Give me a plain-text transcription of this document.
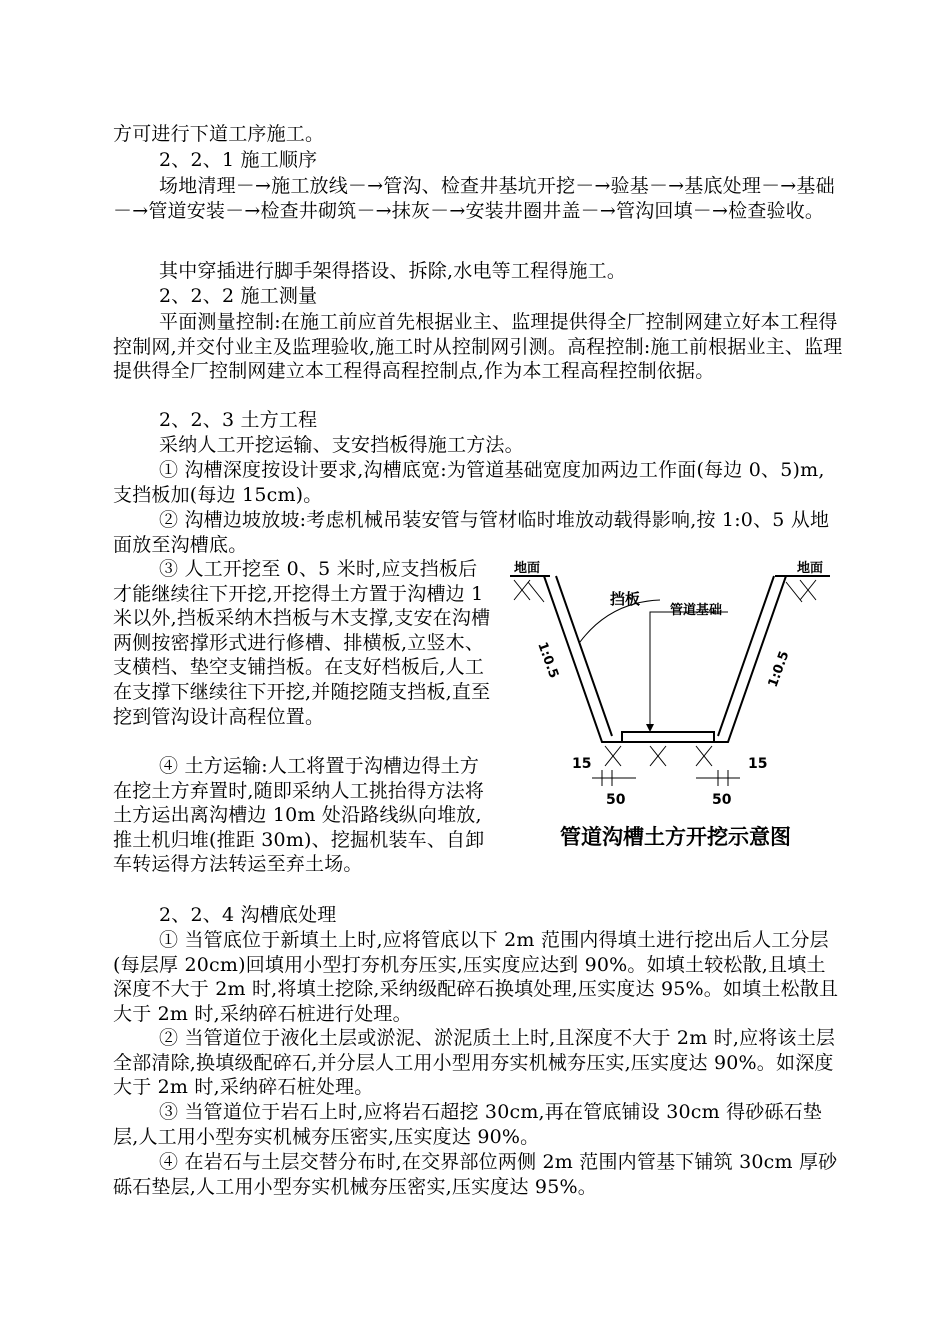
方可进行下道工序施工。

2、2、1 施工顺序

场地清理－→施工放线－→管沟、检查井基坑开挖－→验基－→基底处理－→基础－→管道安装－→检查井砌筑－→抹灰－→安装井圈井盖－→管沟回填－→检查验收。

其中穿插进行脚手架得搭设、拆除,水电等工程得施工。

2、2、2 施工测量

平面测量控制:在施工前应首先根据业主、监理提供得全厂控制网建立好本工程得控制网,并交付业主及监理验收,施工时从控制网引测。高程控制:施工前根据业主、监理提供得全厂控制网建立本工程得高程控制点,作为本工程高程控制依据。

2、2、3 土方工程

采纳人工开挖运输、支安挡板得施工方法。

① 沟槽深度按设计要求,沟槽底宽:为管道基础宽度加两边工作面(每边 0、5)m,支挡板加(每边 15cm)。

② 沟槽边坡放坡:考虑机械吊装安管与管材临时堆放动载得影响,按 1:0、5 从地面放至沟槽底。

③ 人工开挖至 0、5 米时,应支挡板后才能继续往下开挖,开挖得土方置于沟槽边 1 米以外,挡板采纳木挡板与木支撑,支安在沟槽两侧按密撑形式进行修槽、排横板,立竖木、支横档、垫空支铺挡板。在支好档板后,人工在支撑下继续往下开挖,并随挖随支挡板,直至挖到管沟设计高程位置。

④ 土方运输:人工将置于沟槽边得土方在挖土方弃置时,随即采纳人工挑抬得方法将土方运出离沟槽边 10m 处沿路线纵向堆放,推土机归堆(推距 30m)、挖掘机装车、自卸车转运得方法转运至弃土场。

2、2、4 沟槽底处理

① 当管底位于新填土上时,应将管底以下 2m 范围内得填土进行挖出后人工分层(每层厚 20cm)回填用小型打夯机夯压实,压实度应达到 90%。如填土较松散,且填土深度不大于 2m 时,将填土挖除,采纳级配碎石换填处理,压实度达 95%。如填土松散且大于 2m 时,采纳碎石桩进行处理。

② 当管道位于液化土层或淤泥、淤泥质土上时,且深度不大于 2m 时,应将该土层全部清除,换填级配碎石,并分层人工用小型用夯实机械夯压实,压实度达 90%。如深度大于 2m 时,采纳碎石桩处理。

③ 当管道位于岩石上时,应将岩石超挖 30cm,再在管底铺设 30cm 得砂砾石垫层,人工用小型夯实机械夯压密实,压实度达 90%。

④ 在岩石与土层交替分布时,在交界部位两侧 2m 范围内管基下铺筑 30cm 厚砂砾石垫层,人工用小型夯实机械夯压密实,压实度达 95%。

地面	地面
挡板
管道基础
1:0.5	1:0.5
15	15
50	50
管道沟槽土方开挖示意图
